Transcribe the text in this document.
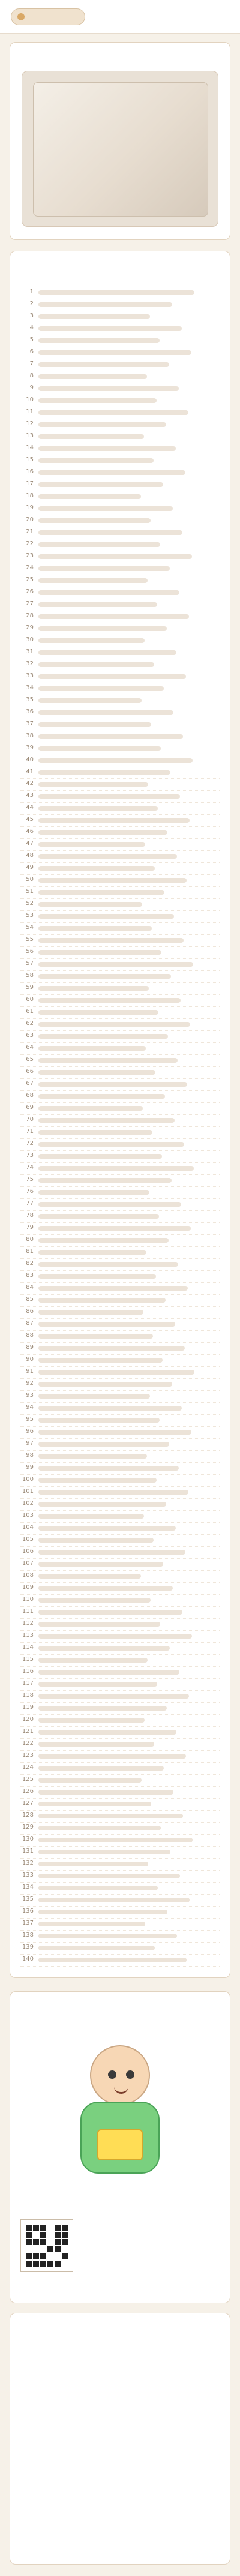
1
2
3
4
5
6
7
8
9
10
11
12
13
14
15
16
17
18
19
20
21
22
23
24
25
26
27
28
29
30
31
32
33
34
35
36
37
38
39
40
41
42
43
44
45
46
47
48
49
50
51
52
53
54
55
56
57
58
59
60
61
62
63
64
65
66
67
68
69
70
71
72
73
74
75
76
77
78
79
80
81
82
83
84
85
86
87
88
89
90
91
92
93
94
95
96
97
98
99
100
101
102
103
104
105
106
107
108
109
110
111
112
113
114
115
116
117
118
119
120
121
122
123
124
125
126
127
128
129
130
131
132
133
134
135
136
137
138
139
140
